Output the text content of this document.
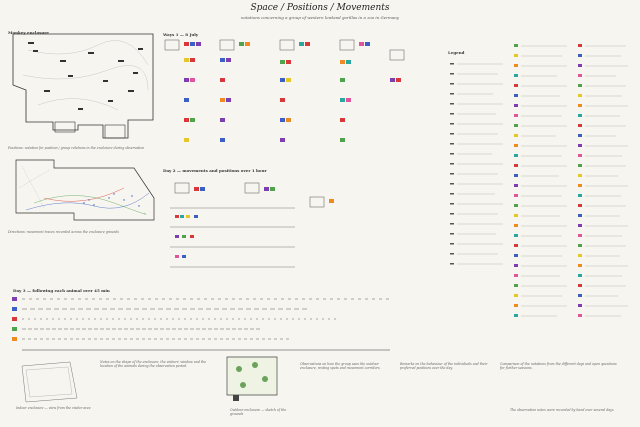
Space / Positions / Movements
notations concerning a group of western lowland gorillas in a zoo in Germany
Monkey enclosure
Positions: notation for position / group relations in the enclosure during observation
Directions: movement traces recorded across the enclosure grounds
Ways 1 — 8 July
Day 2 — movements and positions over 1 hour
Day 3 — following each animal over 45 min
Legend
Indoor enclosure — view from the visitor area
Notes on the shape of the enclosure, the visitors' window and the location of the animals during the observation period.
Outdoor enclosure — sketch of the grounds
Observations on how the group uses the outdoor enclosure, resting spots and movement corridors.
Remarks on the behaviour of the individuals and their preferred positions over the day.
Comparison of the notations from the different days and open questions for further sessions.
The observation notes were recorded by hand over several days
